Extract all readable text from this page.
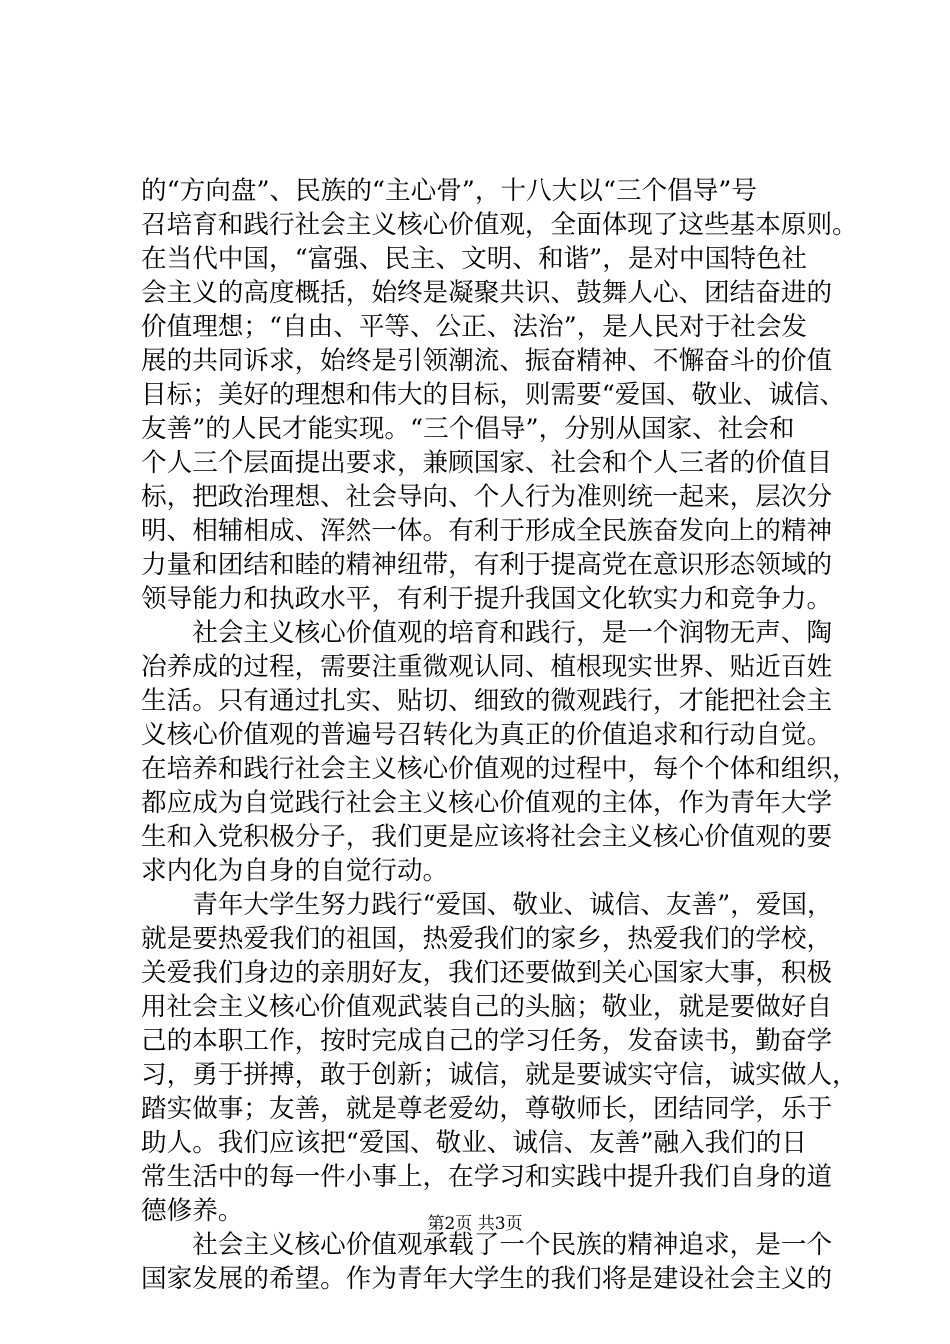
的“方向盘”、民族的“主心骨”，十八大以“三个倡导”号
召培育和践行社会主义核心价值观，全面体现了这些基本原则。
在当代中国，“富强、民主、文明、和谐”，是对中国特色社
会主义的高度概括，始终是凝聚共识、鼓舞人心、团结奋进的
价值理想；“自由、平等、公正、法治”，是人民对于社会发
展的共同诉求，始终是引领潮流、振奋精神、不懈奋斗的价值
目标；美好的理想和伟大的目标，则需要“爱国、敬业、诚信、
友善”的人民才能实现。“三个倡导”，分别从国家、社会和
个人三个层面提出要求，兼顾国家、社会和个人三者的价值目
标，把政治理想、社会导向、个人行为准则统一起来，层次分
明、相辅相成、浑然一体。有利于形成全民族奋发向上的精神
力量和团结和睦的精神纽带，有利于提高党在意识形态领域的
领导能力和执政水平，有利于提升我国文化软实力和竞争力。
　　社会主义核心价值观的培育和践行，是一个润物无声、陶
冶养成的过程，需要注重微观认同、植根现实世界、贴近百姓
生活。只有通过扎实、贴切、细致的微观践行，才能把社会主
义核心价值观的普遍号召转化为真正的价值追求和行动自觉。
在培养和践行社会主义核心价值观的过程中，每个个体和组织，
都应成为自觉践行社会主义核心价值观的主体，作为青年大学
生和入党积极分子，我们更是应该将社会主义核心价值观的要
求内化为自身的自觉行动。
　　青年大学生努力践行“爱国、敬业、诚信、友善”，爱国，
就是要热爱我们的祖国，热爱我们的家乡，热爱我们的学校，
关爱我们身边的亲朋好友，我们还要做到关心国家大事，积极
用社会主义核心价值观武装自己的头脑；敬业，就是要做好自
己的本职工作，按时完成自己的学习任务，发奋读书，勤奋学
习，勇于拼搏，敢于创新；诚信，就是要诚实守信，诚实做人，
踏实做事；友善，就是尊老爱幼，尊敬师长，团结同学，乐于
助人。我们应该把“爱国、敬业、诚信、友善”融入我们的日
常生活中的每一件小事上，在学习和实践中提升我们自身的道
德修养。
　　社会主义核心价值观承载了一个民族的精神追求，是一个
国家发展的希望。作为青年大学生的我们将是建设社会主义的
第2页 共3页
